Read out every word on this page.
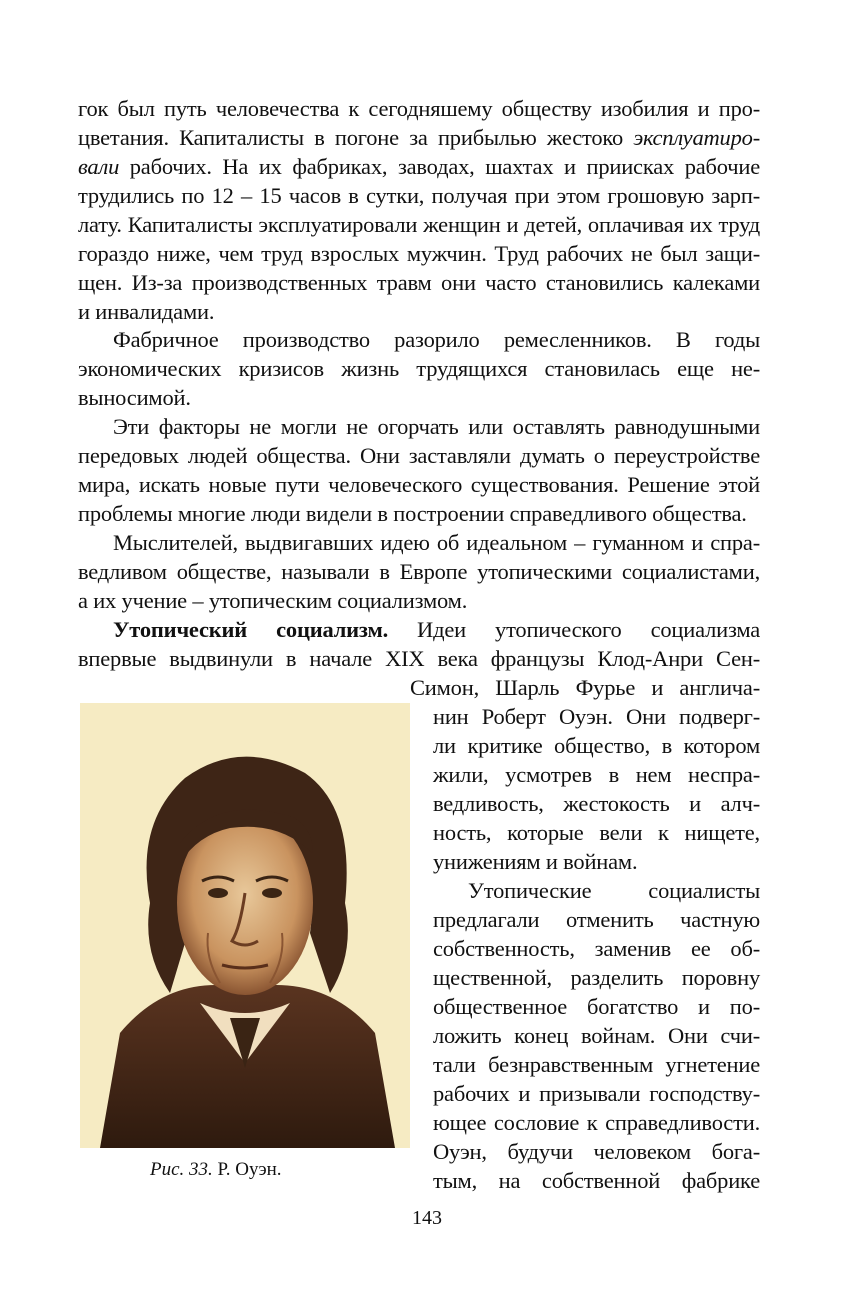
гок был путь человечества к сегодняшему обществу изобилия и про-
цветания. Капиталисты в погоне за прибылью жестоко эксплуатиро-
вали рабочих. На их фабриках, заводах, шахтах и приисках рабочие
трудились по 12 – 15 часов в сутки, получая при этом грошовую зарп-
лату. Капиталисты эксплуатировали женщин и детей, оплачивая их труд
гораздо ниже, чем труд взрослых мужчин. Труд рабочих не был защи-
щен. Из-за производственных травм они часто становились калеками
и инвалидами.
Фабричное производство разорило ремесленников. В годы
экономических кризисов жизнь трудящихся становилась еще не-
выносимой.
Эти факторы не могли не огорчать или оставлять равнодушными
передовых людей общества. Они заставляли думать о переустройстве
мира, искать новые пути человеческого существования. Решение этой
проблемы многие люди видели в построении справедливого общества.
Мыслителей, выдвигавших идею об идеальном – гуманном и спра-
ведливом обществе, называли в Европе утопическими социалистами,
а их учение – утопическим социализмом.
Утопический социализм. Идеи утопического социализма
впервые выдвинули в начале XIX века французы Клод-Анри Сен-
Симон, Шарль Фурье и англича-
нин Роберт Оуэн. Они подверг-
ли критике общество, в котором
жили, усмотрев в нем неспра-
ведливость, жестокость и алч-
ность, которые вели к нищете,
унижениям и войнам.
Утопические социалисты
предлагали отменить частную
собственность, заменив ее об-
щественной, разделить поровну
общественное богатство и по-
ложить конец войнам. Они счи-
тали безнравственным угнетение
рабочих и призывали господству-
ющее сословие к справедливости.
Оуэн, будучи человеком бога-
тым, на собственной фабрике
Рис. 33. Р. Оуэн.
143
